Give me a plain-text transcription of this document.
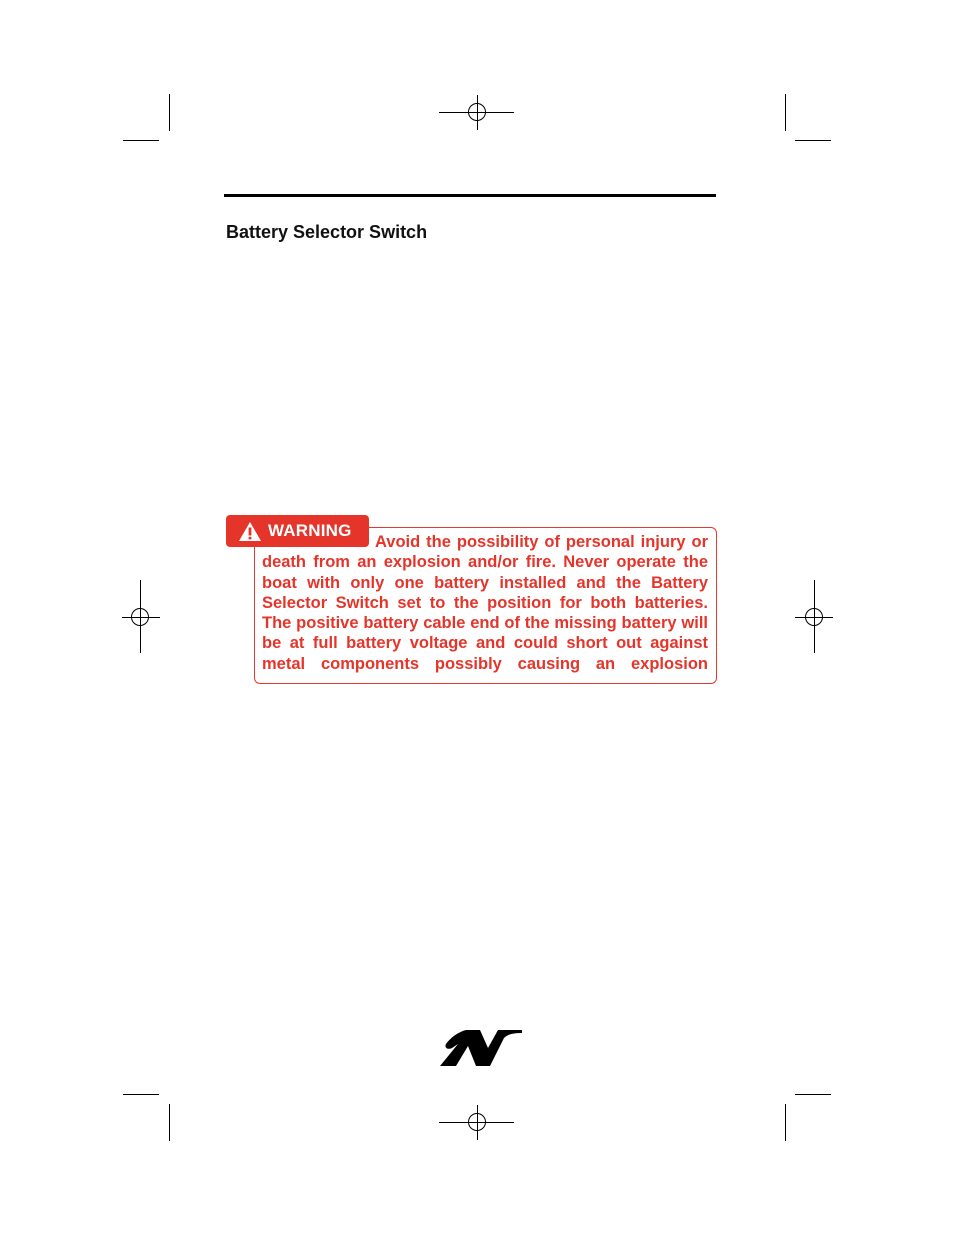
Battery Selector Switch
WARNING

Avoid the possibility of personal injury or death from an explosion and/or fire. Never operate the boat with only one battery installed and the Battery Selector Switch set to the position for both batteries. The positive battery cable end of the missing battery will be at full battery voltage and could short out against metal components possibly causing an explosion
